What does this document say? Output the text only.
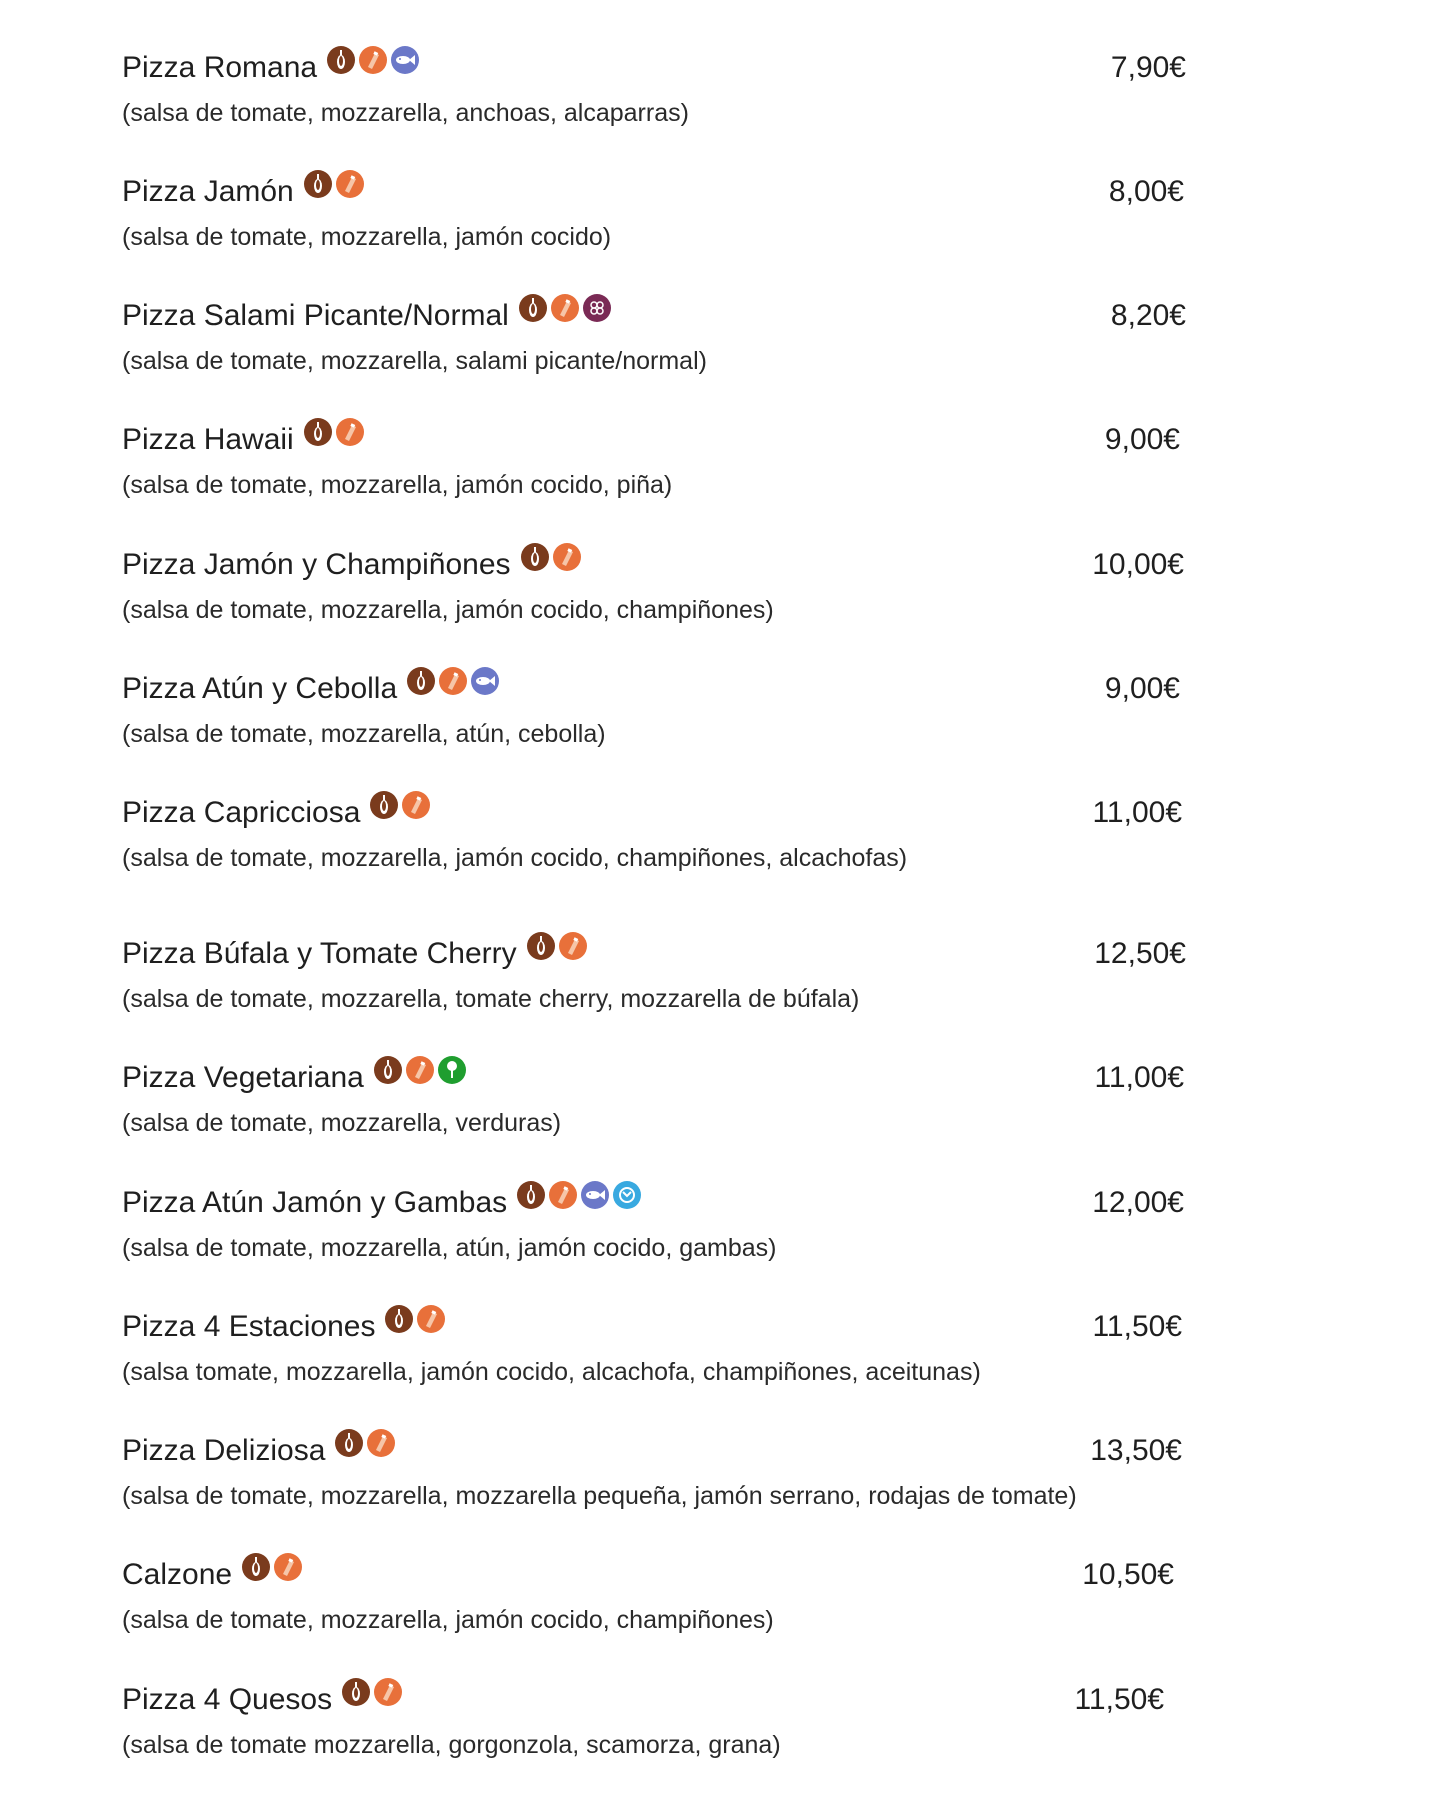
Pizza Romana	7,90€
(salsa de tomate, mozzarella, anchoas, alcaparras)
Pizza Jamón	8,00€
(salsa de tomate, mozzarella, jamón cocido)
Pizza Salami Picante/Normal	8,20€
(salsa de tomate, mozzarella, salami picante/normal)
Pizza Hawaii	9,00€
(salsa de tomate, mozzarella, jamón cocido, piña)
Pizza Jamón y Champiñones	10,00€
(salsa de tomate, mozzarella, jamón cocido, champiñones)
Pizza Atún y Cebolla	9,00€
(salsa de tomate, mozzarella, atún, cebolla)
Pizza Capricciosa	11,00€
(salsa de tomate, mozzarella, jamón cocido, champiñones, alcachofas)
Pizza Búfala y Tomate Cherry	12,50€
(salsa de tomate, mozzarella, tomate cherry, mozzarella de búfala)
Pizza Vegetariana	11,00€
(salsa de tomate, mozzarella, verduras)
Pizza Atún Jamón y Gambas	12,00€
(salsa de tomate, mozzarella, atún, jamón cocido, gambas)
Pizza 4 Estaciones	11,50€
(salsa tomate, mozzarella, jamón cocido, alcachofa, champiñones, aceitunas)
Pizza Deliziosa	13,50€
(salsa de tomate, mozzarella, mozzarella pequeña, jamón serrano, rodajas de tomate)
Calzone	10,50€
(salsa de tomate, mozzarella, jamón cocido, champiñones)
Pizza 4 Quesos	11,50€
(salsa de tomate mozzarella, gorgonzola, scamorza, grana)
